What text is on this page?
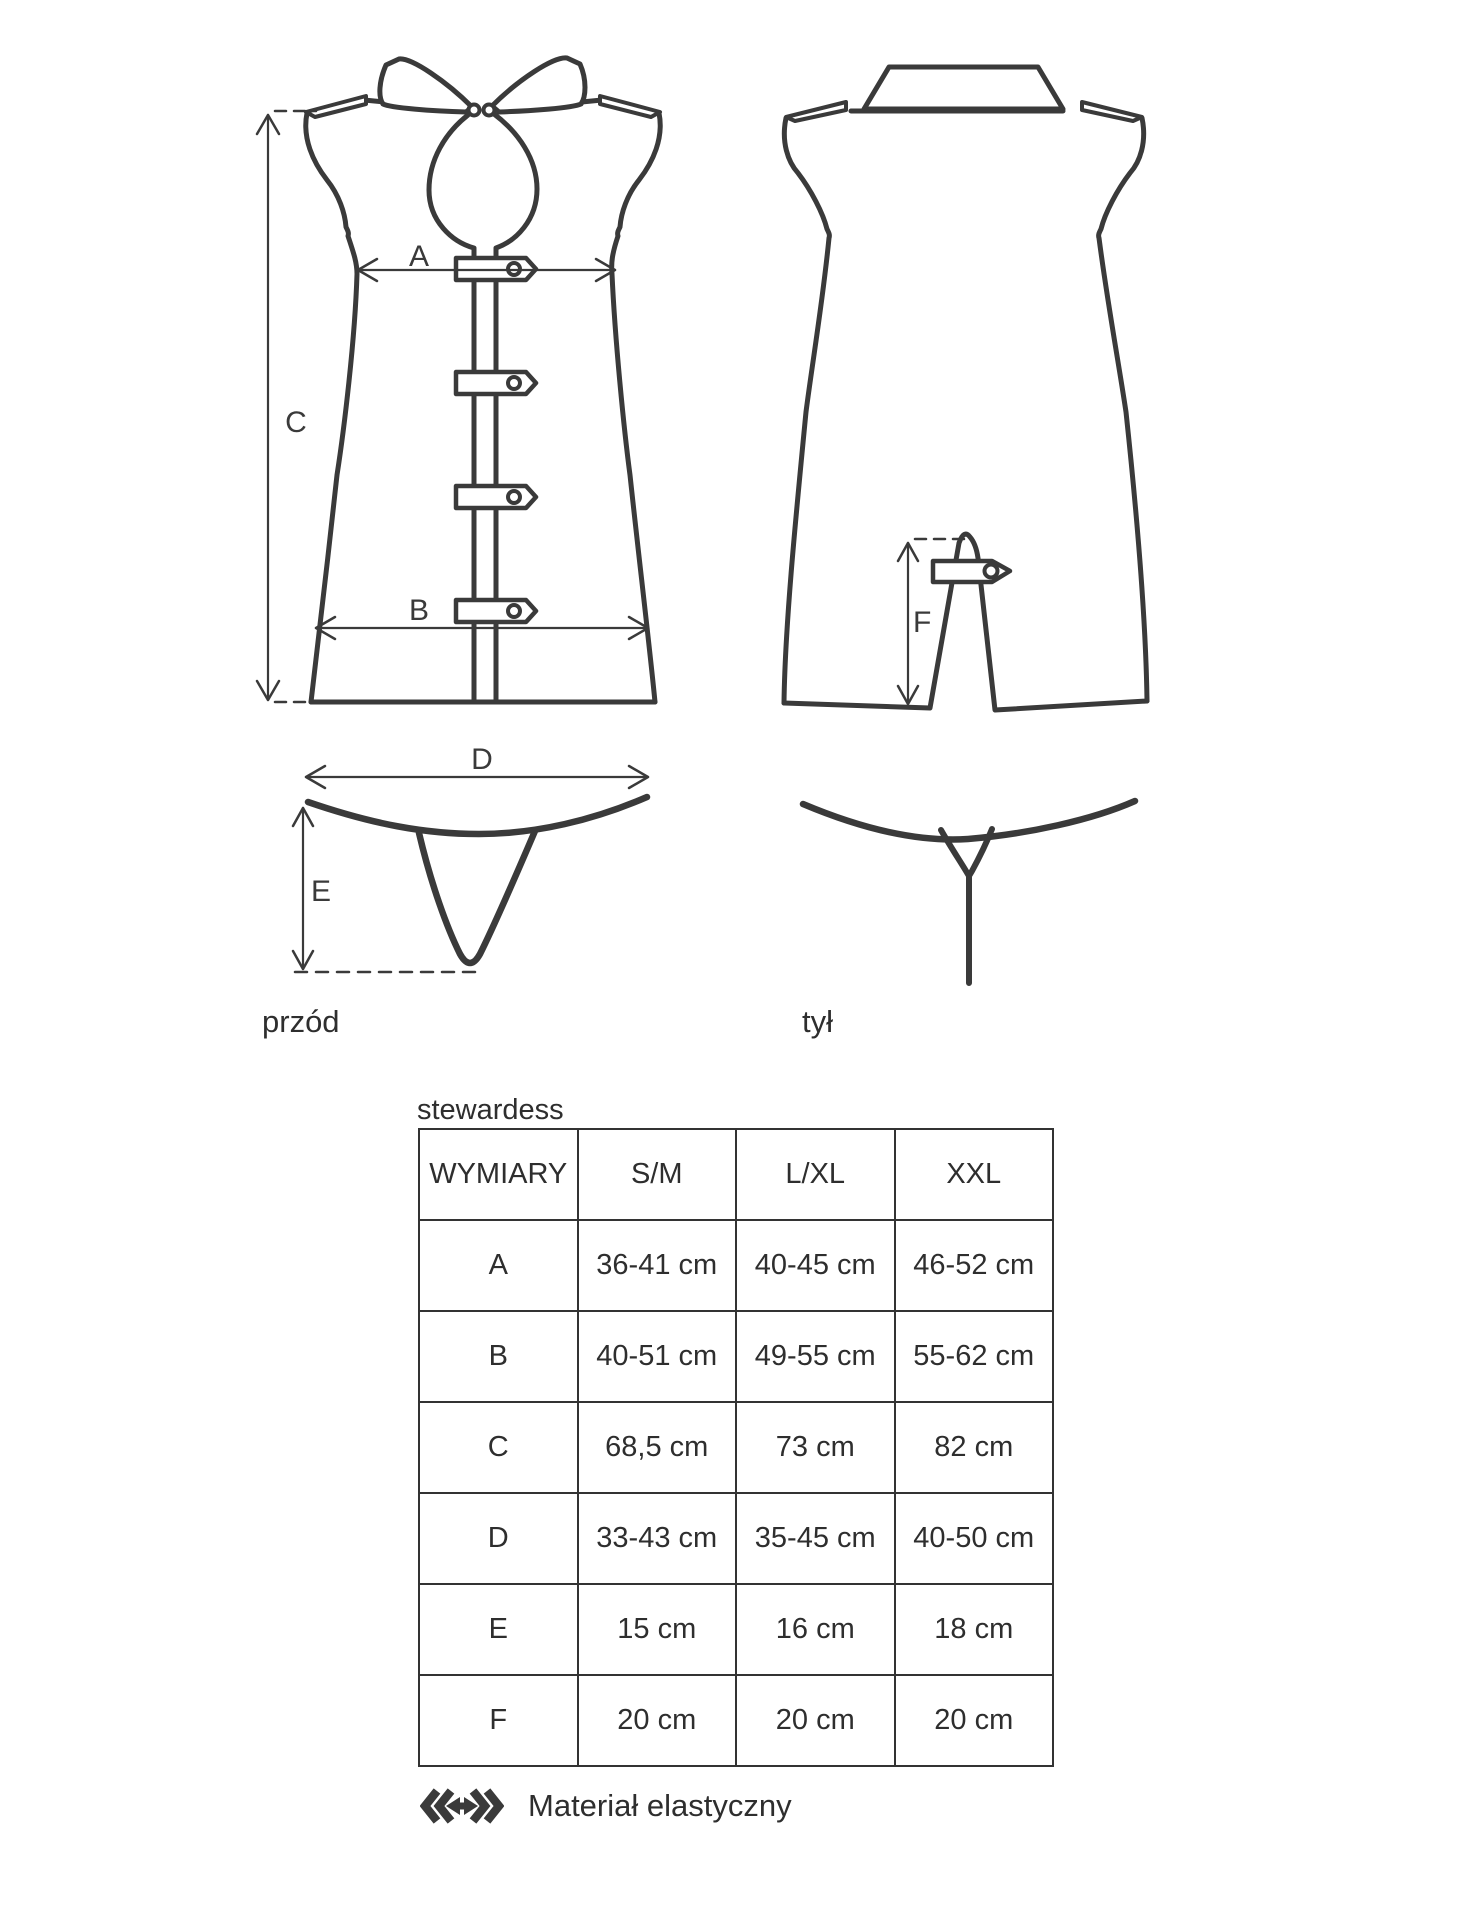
A
B
C
F
D
E
przód	tył
stewardess
WYMIARY	S/M	L/XL	XXL
A	36-41 cm	40-45 cm	46-52 cm
B	40-51 cm	49-55 cm	55-62 cm
C	68,5 cm	73 cm	82 cm
D	33-43 cm	35-45 cm	40-50 cm
E	15 cm	16 cm	18 cm
F	20 cm	20 cm	20 cm
Materiał elastyczny
